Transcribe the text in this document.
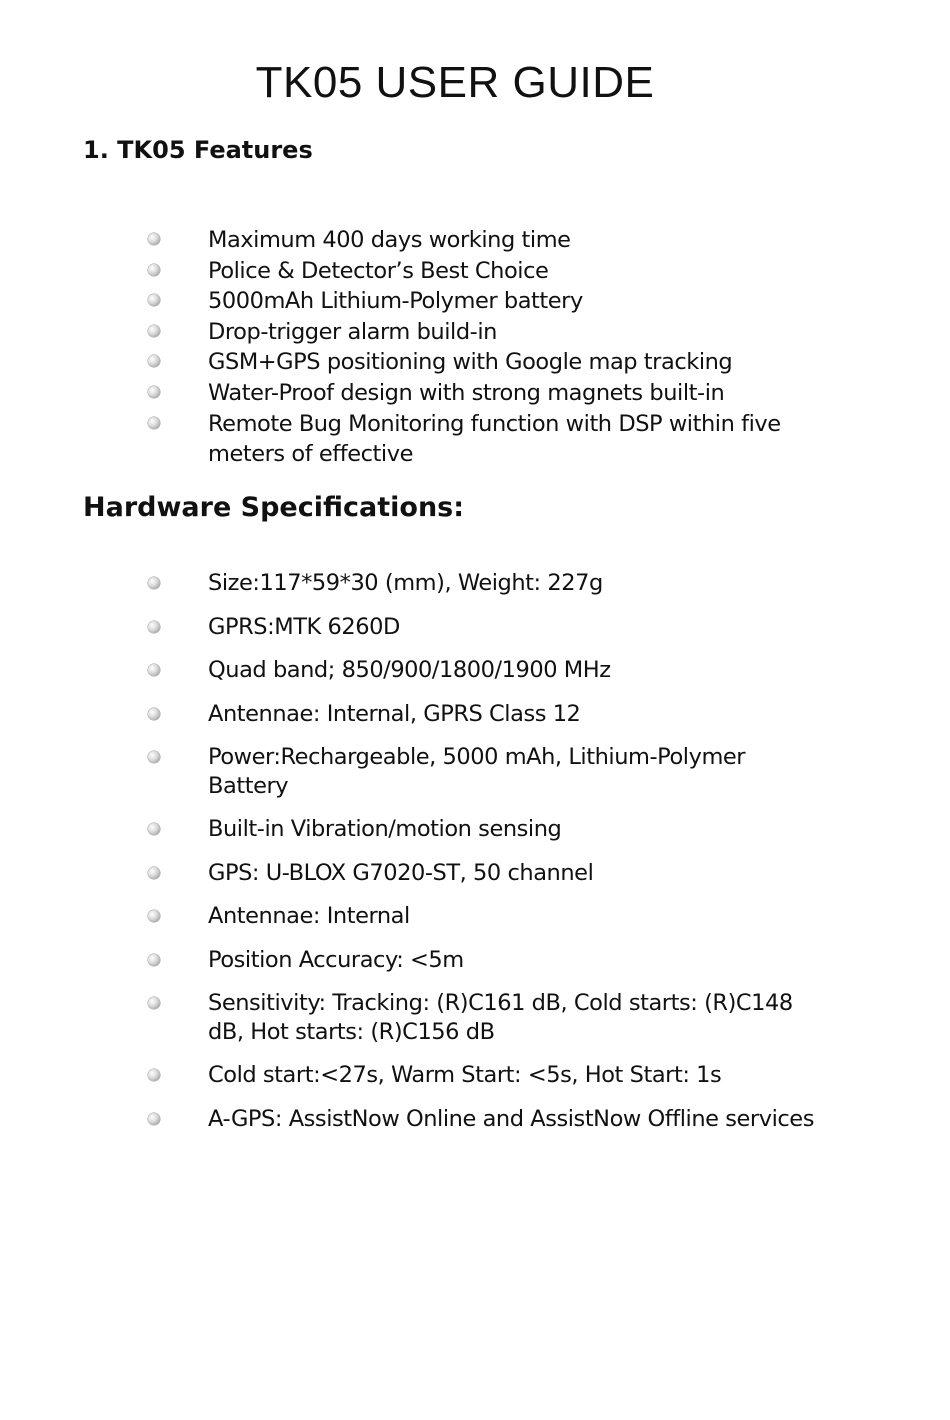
TK05 USER GUIDE
1. TK05 Features
Maximum 400 days working time
Police & Detector’s Best Choice
5000mAh Lithium-Polymer battery
Drop-trigger alarm build-in
GSM+GPS positioning with Google map tracking
Water-Proof design with strong magnets built-in
Remote Bug Monitoring function with DSP within five meters of effective
Hardware Specifications:
Size:117*59*30 (mm), Weight: 227g
GPRS:MTK 6260D
Quad band; 850/900/1800/1900 MHz
Antennae: Internal, GPRS Class 12
Power:Rechargeable, 5000 mAh, Lithium-Polymer Battery
Built-in Vibration/motion sensing
GPS: U-BLOX G7020-ST, 50 channel
Antennae: Internal
Position Accuracy: <5m
Sensitivity: Tracking: (R)C161 dB, Cold starts: (R)C148 dB, Hot starts: (R)C156 dB
Cold start:<27s, Warm Start: <5s, Hot Start: 1s
A-GPS: AssistNow Online and AssistNow Offline services
